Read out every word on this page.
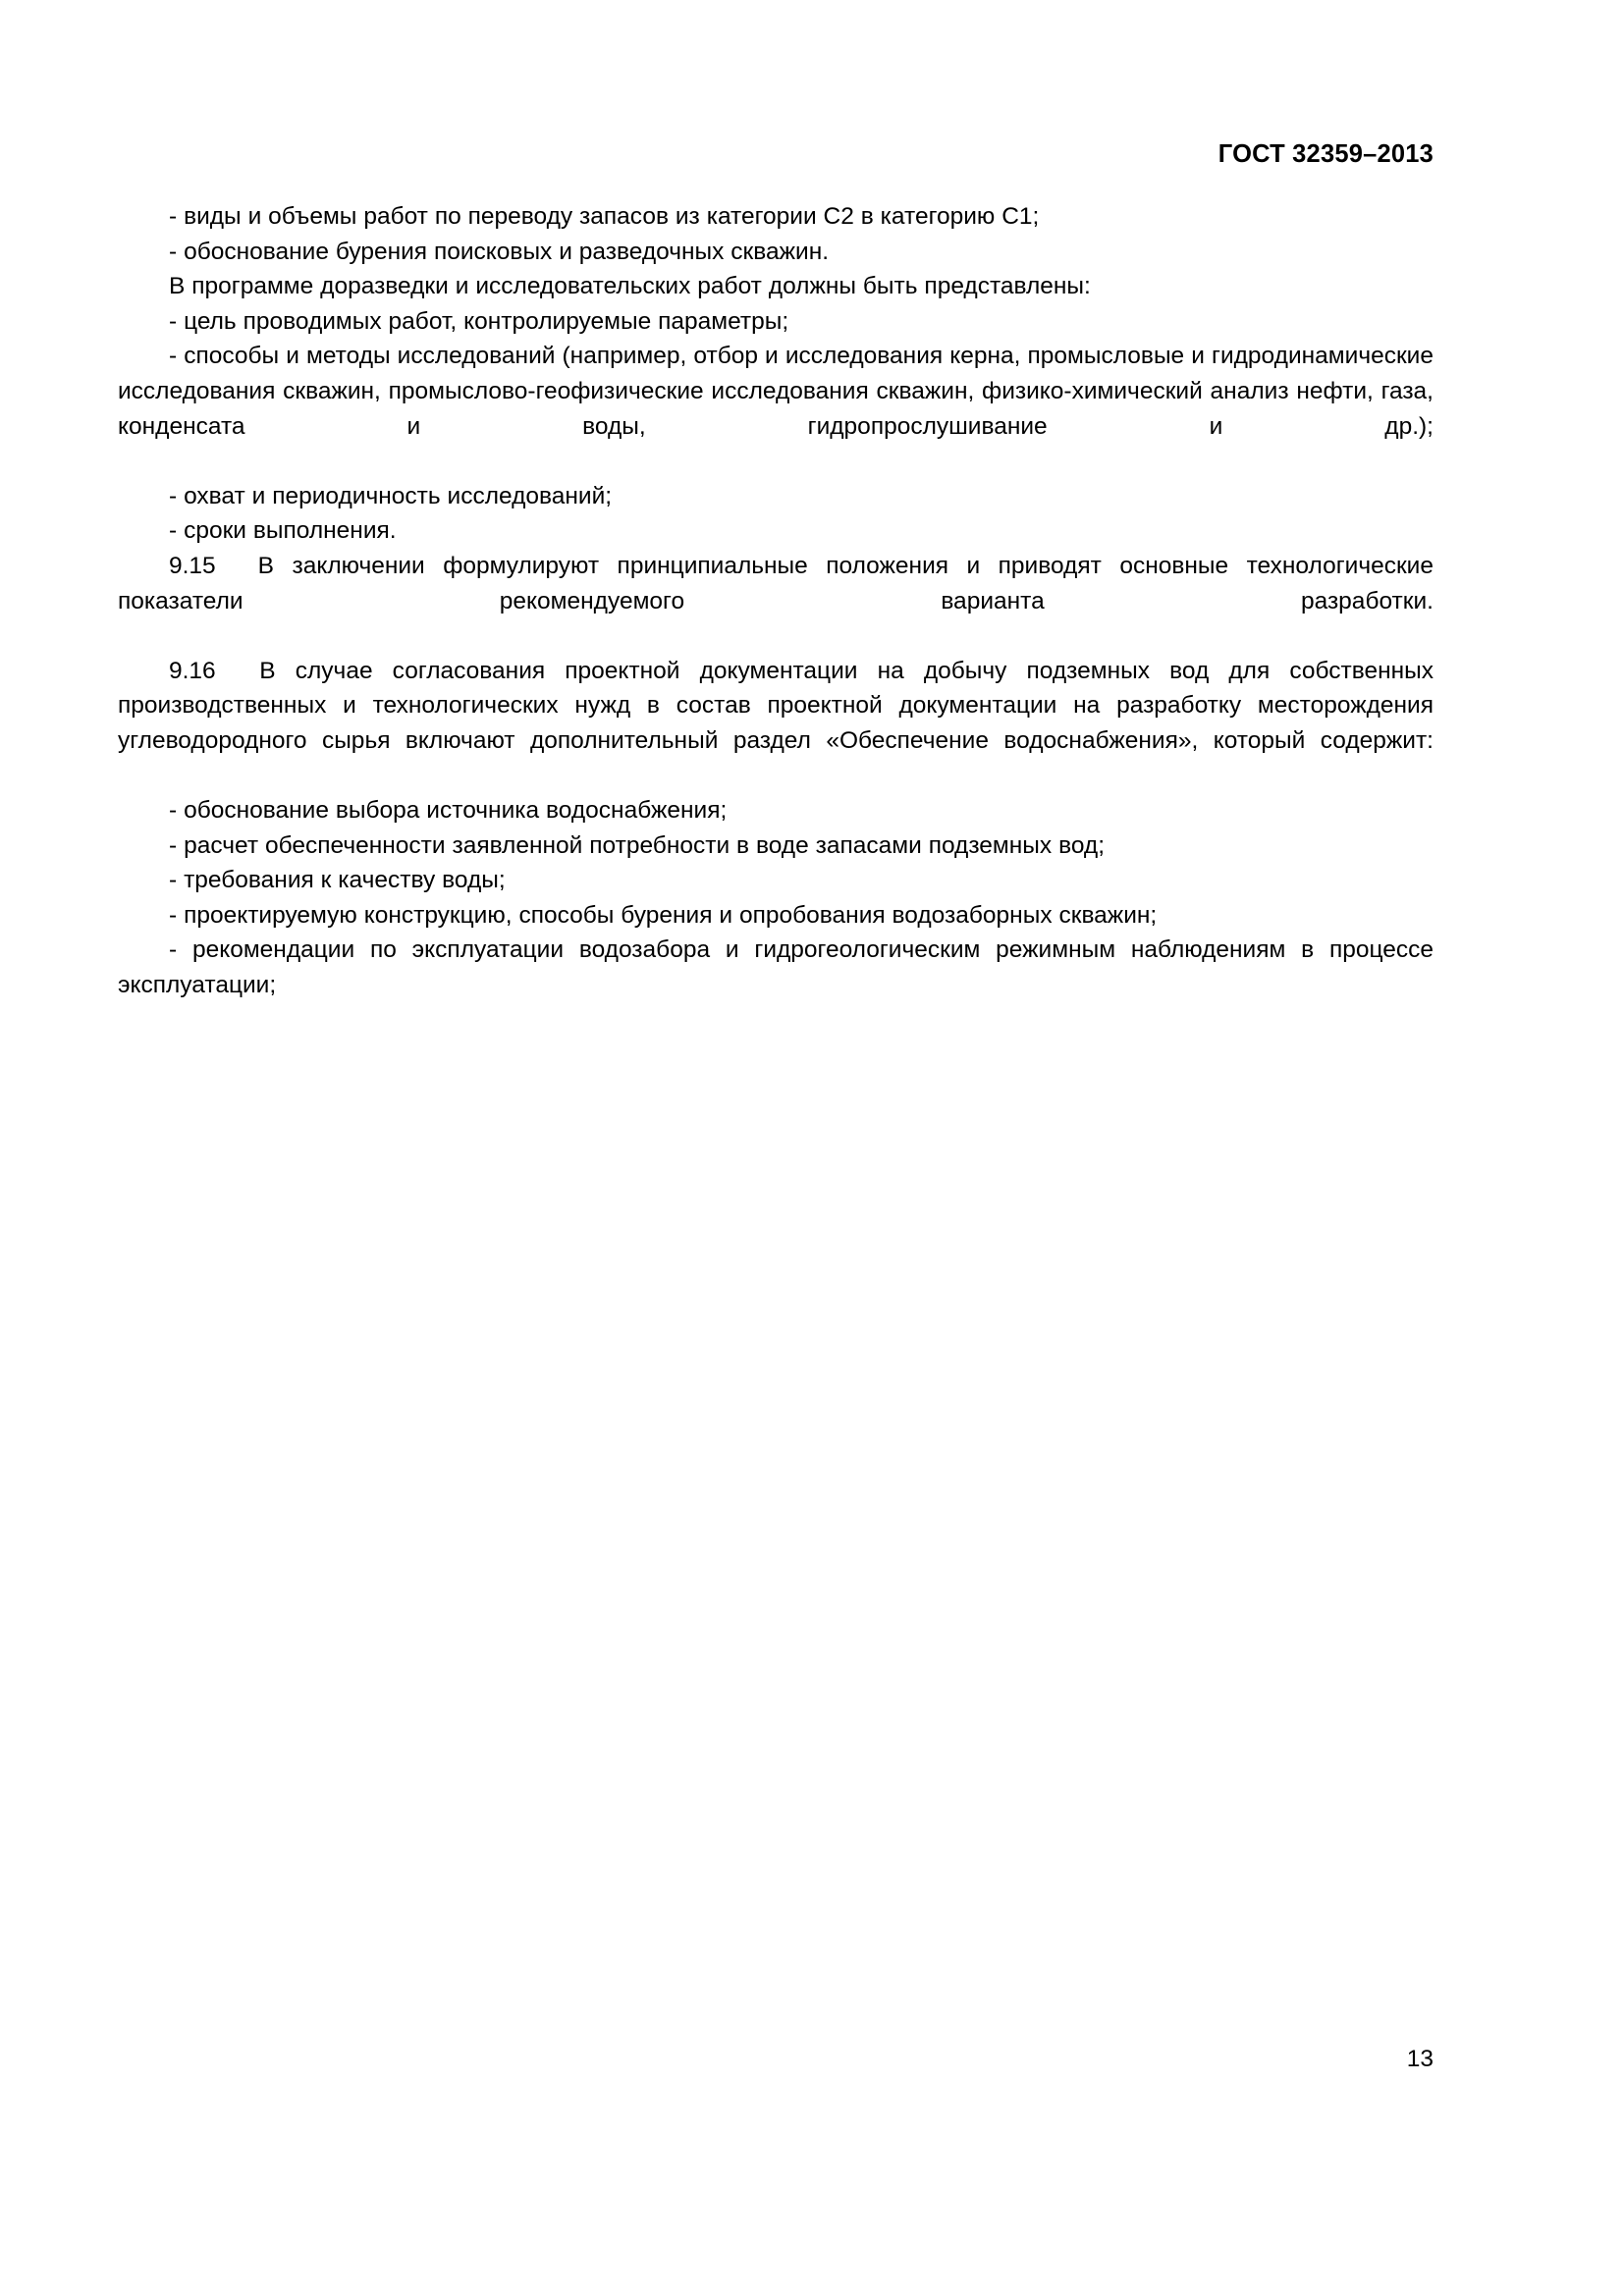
ГОСТ 32359–2013

- виды и объемы работ по переводу запасов из категории С2 в категорию С1;

- обоснование бурения поисковых и разведочных скважин.

В программе доразведки и исследовательских работ должны быть представлены:

- цель проводимых работ, контролируемые параметры;

- способы и методы исследований (например, отбор и исследования керна, промысловые и гидродинамические исследования скважин, промыслово-геофизические исследования скважин, физико-химический анализ нефти, газа, конденсата и воды, гидропрослушивание и др.);

- охват и периодичность исследований;

- сроки выполнения.

9.15  В заключении формулируют принципиальные положения и приводят основные технологические показатели рекомендуемого варианта разработки.

9.16  В случае согласования проектной документации на добычу подземных вод для собственных производственных и технологических нужд в состав проектной документации на разработку месторождения углеводородного сырья включают дополнительный раздел «Обеспечение водоснабжения», который содержит:

- обоснование выбора источника водоснабжения;

- расчет обеспеченности заявленной потребности в воде запасами подземных вод;

- требования к качеству воды;

- проектируемую конструкцию, способы бурения и опробования водозаборных скважин;

- рекомендации по эксплуатации водозабора и гидрогеологическим режимным наблюдениям в процессе эксплуатации;

13
